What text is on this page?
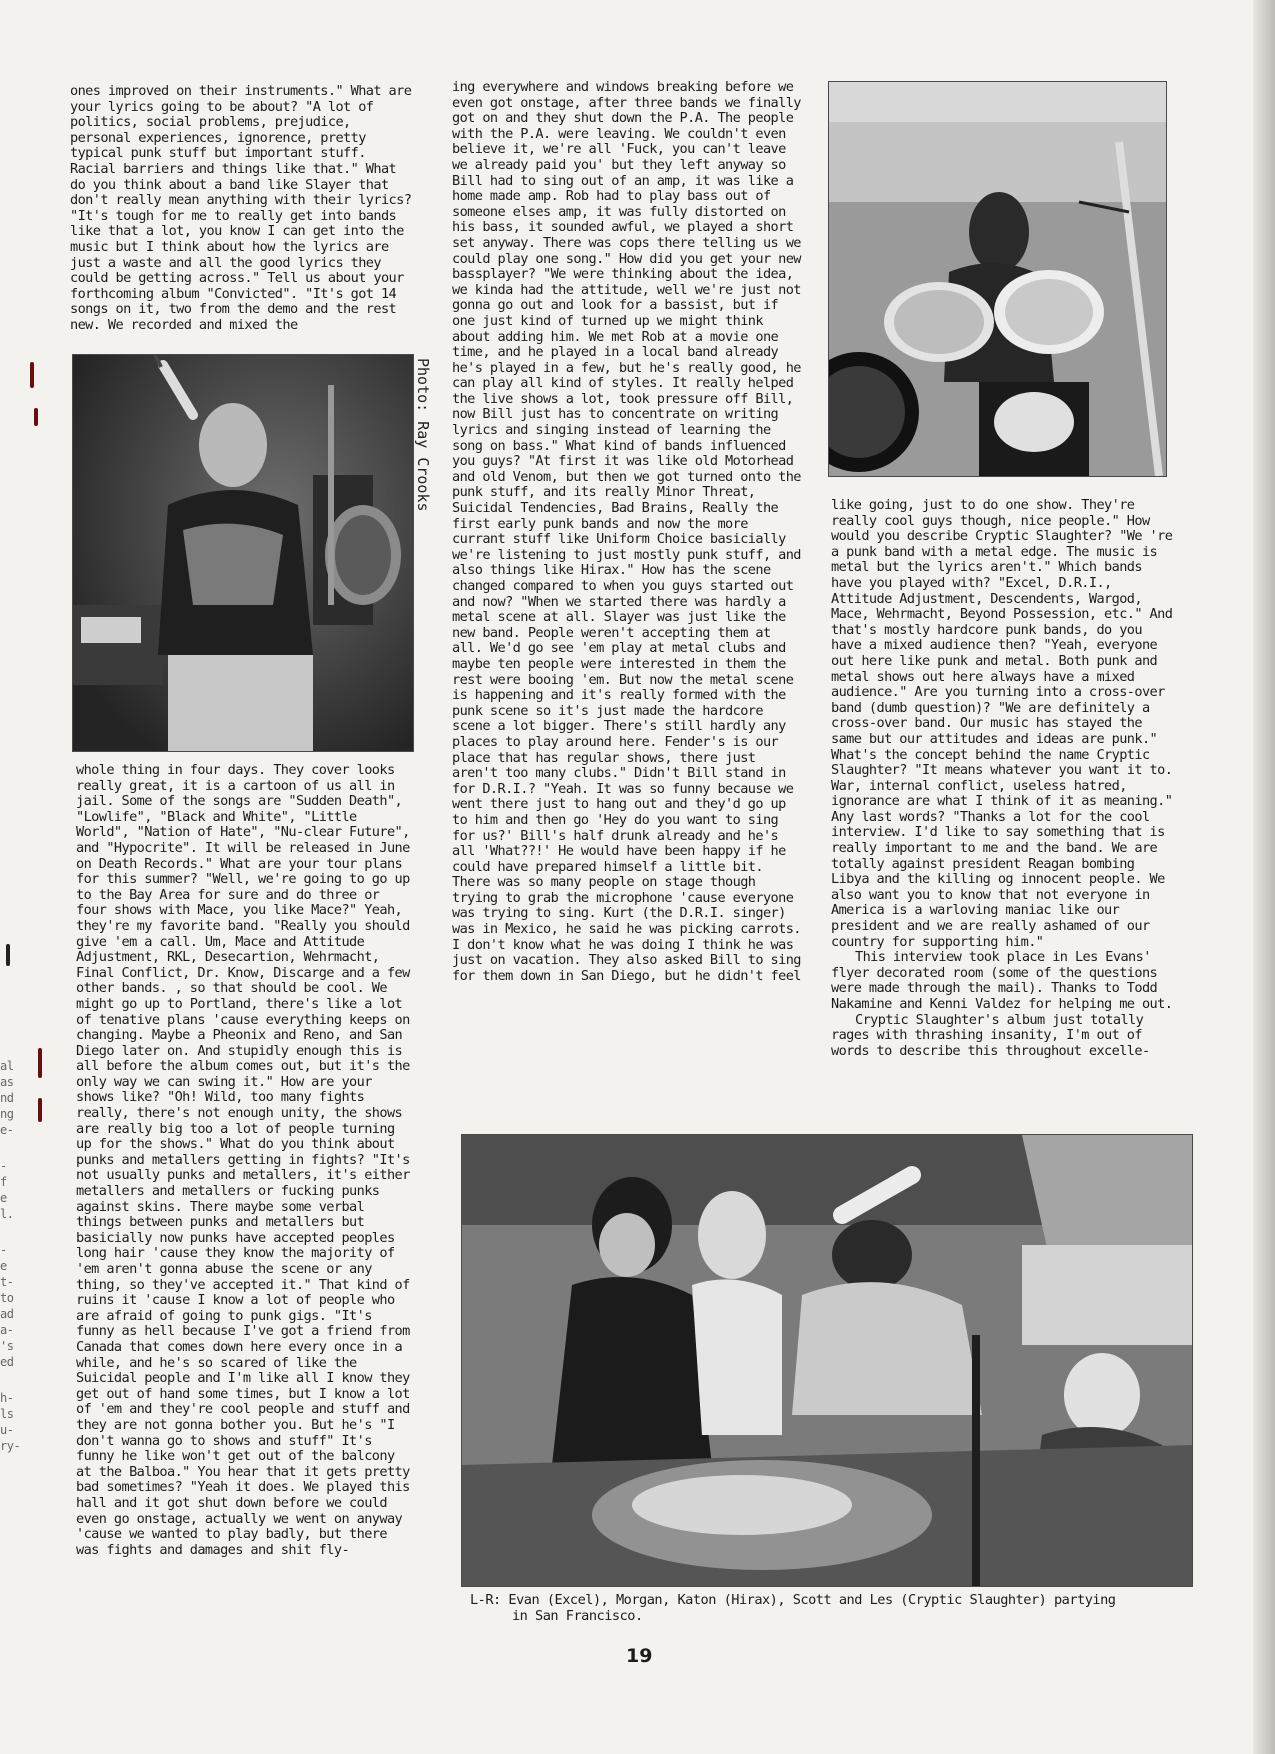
al
as
nd
ng
e-
-
f
e
l.
-
e
t-
to
ad
a-
's
ed
h-
ls
u-
ry-

ones improved on their instruments." What are your lyrics going to be about? "A lot of politics, social problems, prejudice, personal experiences, ignorence, pretty typical punk stuff but important stuff. Racial barriers and things like that." What do you think about a band like Slayer that don't really mean anything with their lyrics? "It's tough for me to really get into bands like that a lot, you know I can get into the music but I think about how the lyrics are just a waste and all the good lyrics they could be getting across." Tell us about your forthcoming album "Convicted". "It's got 14 songs on it, two from the demo and the rest new. We recorded and mixed the

Photo: Ray Crooks

whole thing in four days. They cover looks really great, it is a cartoon of us all in jail. Some of the songs are "Sudden Death", "Lowlife", "Black and White", "Little World", "Nation of Hate", "Nu-clear Future", and "Hypocrite". It will be released in June on Death Records." What are your tour plans for this summer? "Well, we're going to go up to the Bay Area for sure and do three or four shows with Mace, you like Mace?" Yeah, they're my favorite band. "Really you should give 'em a call. Um, Mace and Attitude Adjustment, RKL, Desecartion, Wehrmacht, Final Conflict, Dr. Know, Discarge and a few other bands. , so that should be cool. We might go up to Portland, there's like a lot of tenative plans 'cause everything keeps on changing. Maybe a Pheonix and Reno, and San Diego later on. And stupidly enough this is all before the album comes out, but it's the only way we can swing it." How are your shows like? "Oh! Wild, too many fights really, there's not enough unity, the shows are really big too a lot of people turning up for the shows." What do you think about punks and metallers getting in fights? "It's not usually punks and metallers, it's either metallers and metallers or fucking punks against skins. There maybe some verbal things between punks and metallers but basicially now punks have accepted peoples long hair 'cause they know the majority of 'em aren't gonna abuse the scene or any thing, so they've accepted it." That kind of ruins it 'cause I know a lot of people who are afraid of going to punk gigs. "It's funny as hell because I've got a friend from Canada that comes down here every once in a while, and he's so scared of like the Suicidal people and I'm like all I know they get out of hand some times, but I know a lot of 'em and they're cool people and stuff and they are not gonna bother you. But he's "I don't wanna go to shows and stuff" It's funny he like won't get out of the balcony at the Balboa." You hear that it gets pretty bad sometimes? "Yeah it does. We played this hall and it got shut down before we could even go onstage, actually we went on anyway 'cause we wanted to play badly, but there was fights and damages and shit fly-

ing everywhere and windows breaking before we even got onstage, after three bands we finally got on and they shut down the P.A. The people with the P.A. were leaving. We couldn't even believe it, we're all 'Fuck, you can't leave we already paid you' but they left anyway so Bill had to sing out of an amp, it was like a home made amp. Rob had to play bass out of someone elses amp, it was fully distorted on his bass, it sounded awful, we played a short set anyway. There was cops there telling us we could play one song." How did you get your new bassplayer? "We were thinking about the idea, we kinda had the attitude, well we're just not gonna go out and look for a bassist, but if one just kind of turned up we might think about adding him. We met Rob at a movie one time, and he played in a local band already he's played in a few, but he's really good, he can play all kind of styles. It really helped the live shows a lot, took pressure off Bill, now Bill just has to concentrate on writing lyrics and singing instead of learning the song on bass." What kind of bands influenced you guys? "At first it was like old Motorhead and old Venom, but then we got turned onto the punk stuff, and its really Minor Threat, Suicidal Tendencies, Bad Brains, Really the first early punk bands and now the more currant stuff like Uniform Choice basicially we're listening to just mostly punk stuff, and also things like Hirax." How has the scene changed compared to when you guys started out and now? "When we started there was hardly a metal scene at all. Slayer was just like the new band. People weren't accepting them at all. We'd go see 'em play at metal clubs and maybe ten people were interested in them the rest were booing 'em. But now the metal scene is happening and it's really formed with the punk scene so it's just made the hardcore scene a lot bigger. There's still hardly any places to play around here. Fender's is our place that has regular shows, there just aren't too many clubs." Didn't Bill stand in for D.R.I.? "Yeah. It was so funny because we went there just to hang out and they'd go up to him and then go 'Hey do you want to sing for us?' Bill's half drunk already and he's all 'What??!' He would have been happy if he could have prepared himself a little bit. There was so many people on stage though trying to grab the microphone 'cause everyone was trying to sing. Kurt (the D.R.I. singer) was in Mexico, he said he was picking carrots. I don't know what he was doing I think he was just on vacation. They also asked Bill to sing for them down in San Diego, but he didn't feel

like going, just to do one show. They're really cool guys though, nice people." How would you describe Cryptic Slaughter? "We 're a punk band with a metal edge. The music is metal but the lyrics aren't." Which bands have you played with? "Excel, D.R.I., Attitude Adjustment, Descendents, Wargod, Mace, Wehrmacht, Beyond Possession, etc." And that's mostly hardcore punk bands, do you have a mixed audience then? "Yeah, everyone out here like punk and metal. Both punk and metal shows out here always have a mixed audience." Are you turning into a cross-over band (dumb question)? "We are definitely a cross-over band. Our music has stayed the same but our attitudes and ideas are punk." What's the concept behind the name Cryptic Slaughter? "It means whatever you want it to. War, internal conflict, useless hatred, ignorance are what I think of it as meaning." Any last words? "Thanks a lot for the cool interview. I'd like to say something that is really important to me and the band. We are totally against president Reagan bombing Libya and the killing og innocent people. We also want you to know that not everyone in America is a warloving maniac like our president and we are really ashamed of our country for supporting him."

This interview took place in Les Evans' flyer decorated room (some of the questions were made through the mail). Thanks to Todd Nakamine and Kenni Valdez for helping me out.

Cryptic Slaughter's album just totally rages with thrashing insanity, I'm out of words to describe this throughout excelle-

L-R: Evan (Excel), Morgan, Katon (Hirax), Scott and Les (Cryptic Slaughter) partying
in San Francisco.
19
